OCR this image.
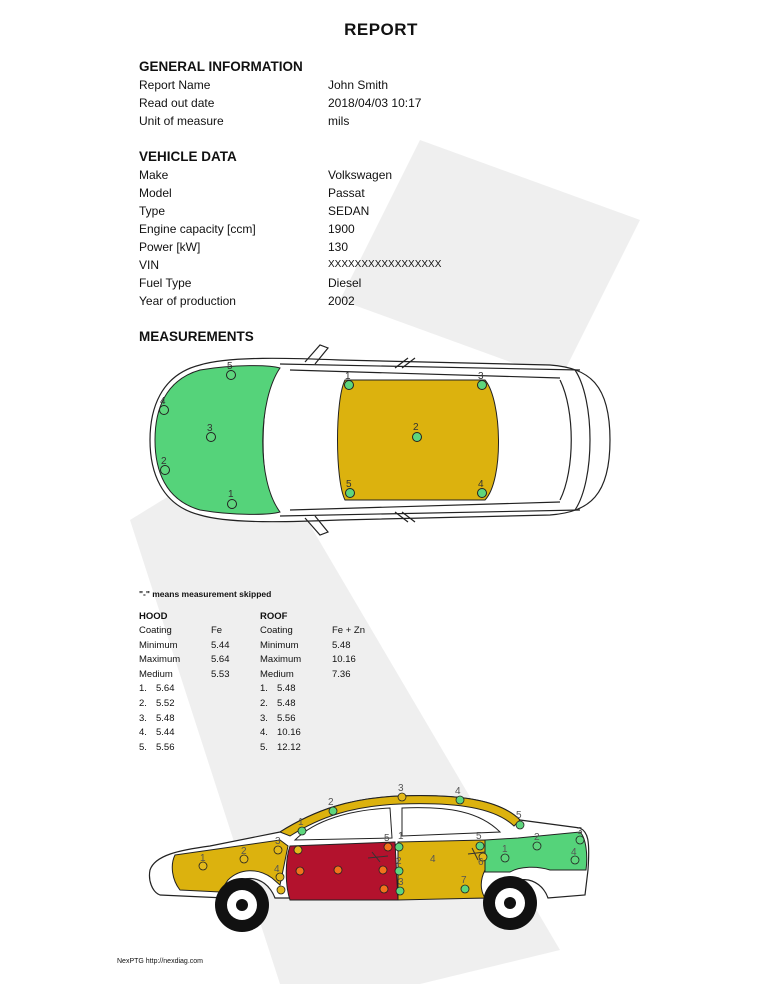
REPORT
GENERAL INFORMATION
Report Name	John Smith
Read out date	2018/04/03 10:17
Unit of measure	mils
VEHICLE DATA
Make	Volkswagen
Model	Passat
Type	SEDAN
Engine capacity [ccm]	1900
Power [kW]	130
VIN	XXXXXXXXXXXXXXXXX
Fuel Type	Diesel
Year of production	2002
MEASUREMENTS
1
2
3
4
5
1
2
3
4
5
"-" means measurement skipped
HOOD
Coating	Fe
Minimum	5.44
Maximum	5.64
Medium	5.53
1. 5.64
2. 5.52
3. 5.48
4. 5.44
5. 5.56
ROOF
Coating	Fe + Zn
Minimum	5.48
Maximum	10.16
Medium	7.36
1. 5.48
2. 5.48
3. 5.56
4. 10.16
5. 12.12
1
2
3
4
1
2
3	4
5
5 1
2
3
4
5
6
7
1
2
3
4
NexPTG http://nexdiag.com
